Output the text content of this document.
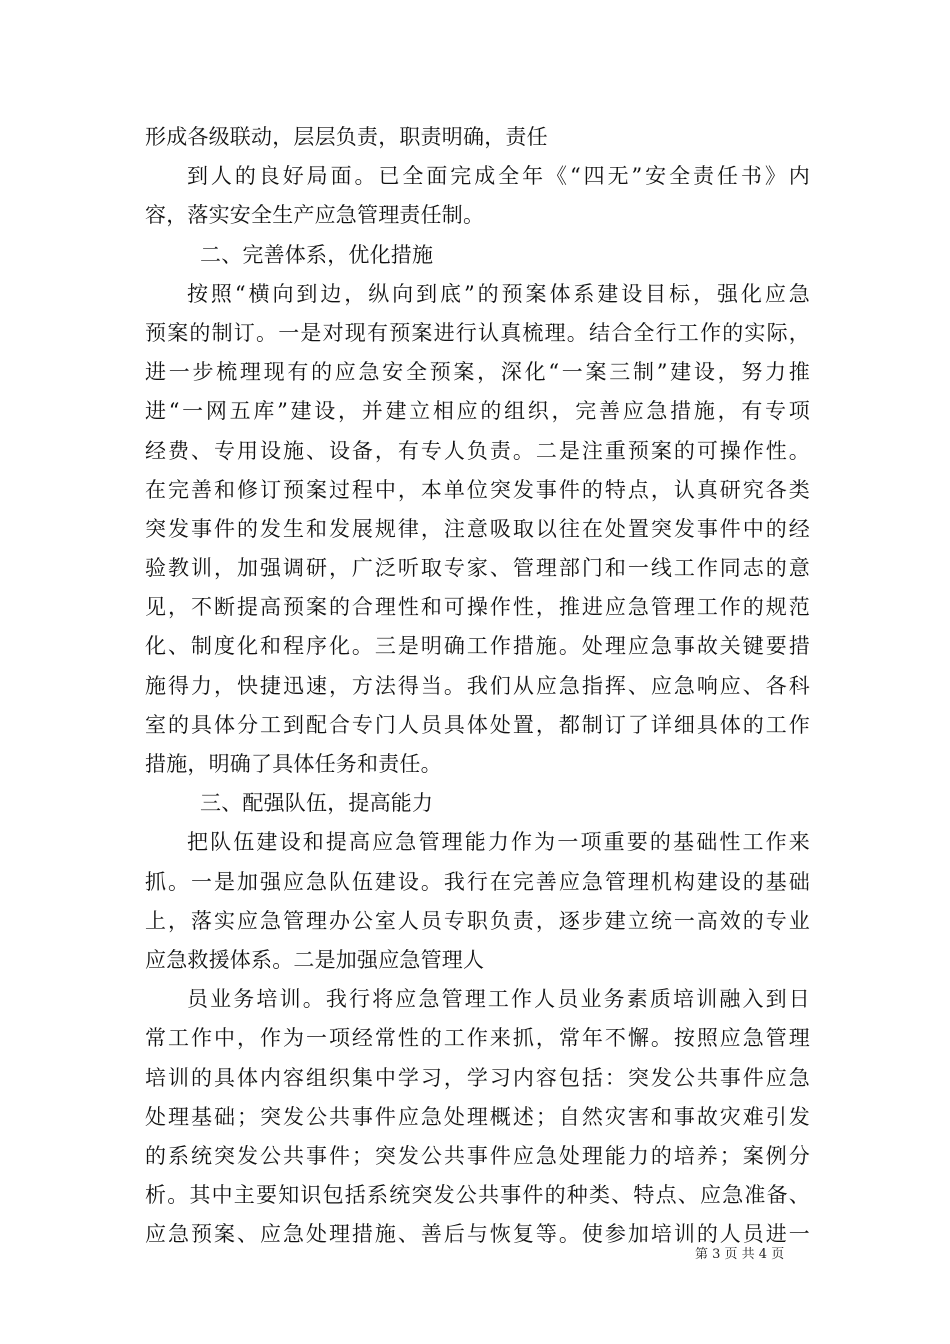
形成各级联动，层层负责，职责明确，责任
到人的良好局面。已全面完成全年《“四无”安全责任书》内
容，落实安全生产应急管理责任制。
二、完善体系，优化措施
按照“横向到边，纵向到底”的预案体系建设目标，强化应急
预案的制订。一是对现有预案进行认真梳理。结合全行工作的实际，
进一步梳理现有的应急安全预案，深化“一案三制”建设，努力推
进“一网五库”建设，并建立相应的组织，完善应急措施，有专项
经费、专用设施、设备，有专人负责。二是注重预案的可操作性。
在完善和修订预案过程中，本单位突发事件的特点，认真研究各类
突发事件的发生和发展规律，注意吸取以往在处置突发事件中的经
验教训，加强调研，广泛听取专家、管理部门和一线工作同志的意
见，不断提高预案的合理性和可操作性，推进应急管理工作的规范
化、制度化和程序化。三是明确工作措施。处理应急事故关键要措
施得力，快捷迅速，方法得当。我们从应急指挥、应急响应、各科
室的具体分工到配合专门人员具体处置，都制订了详细具体的工作
措施，明确了具体任务和责任。
三、配强队伍，提高能力
把队伍建设和提高应急管理能力作为一项重要的基础性工作来
抓。一是加强应急队伍建设。我行在完善应急管理机构建设的基础
上，落实应急管理办公室人员专职负责，逐步建立统一高效的专业
应急救援体系。二是加强应急管理人
员业务培训。我行将应急管理工作人员业务素质培训融入到日
常工作中，作为一项经常性的工作来抓，常年不懈。按照应急管理
培训的具体内容组织集中学习，学习内容包括：突发公共事件应急
处理基础；突发公共事件应急处理概述；自然灾害和事故灾难引发
的系统突发公共事件；突发公共事件应急处理能力的培养；案例分
析。其中主要知识包括系统突发公共事件的种类、特点、应急准备、
应急预案、应急处理措施、善后与恢复等。使参加培训的人员进一
第 3 页 共 4 页
